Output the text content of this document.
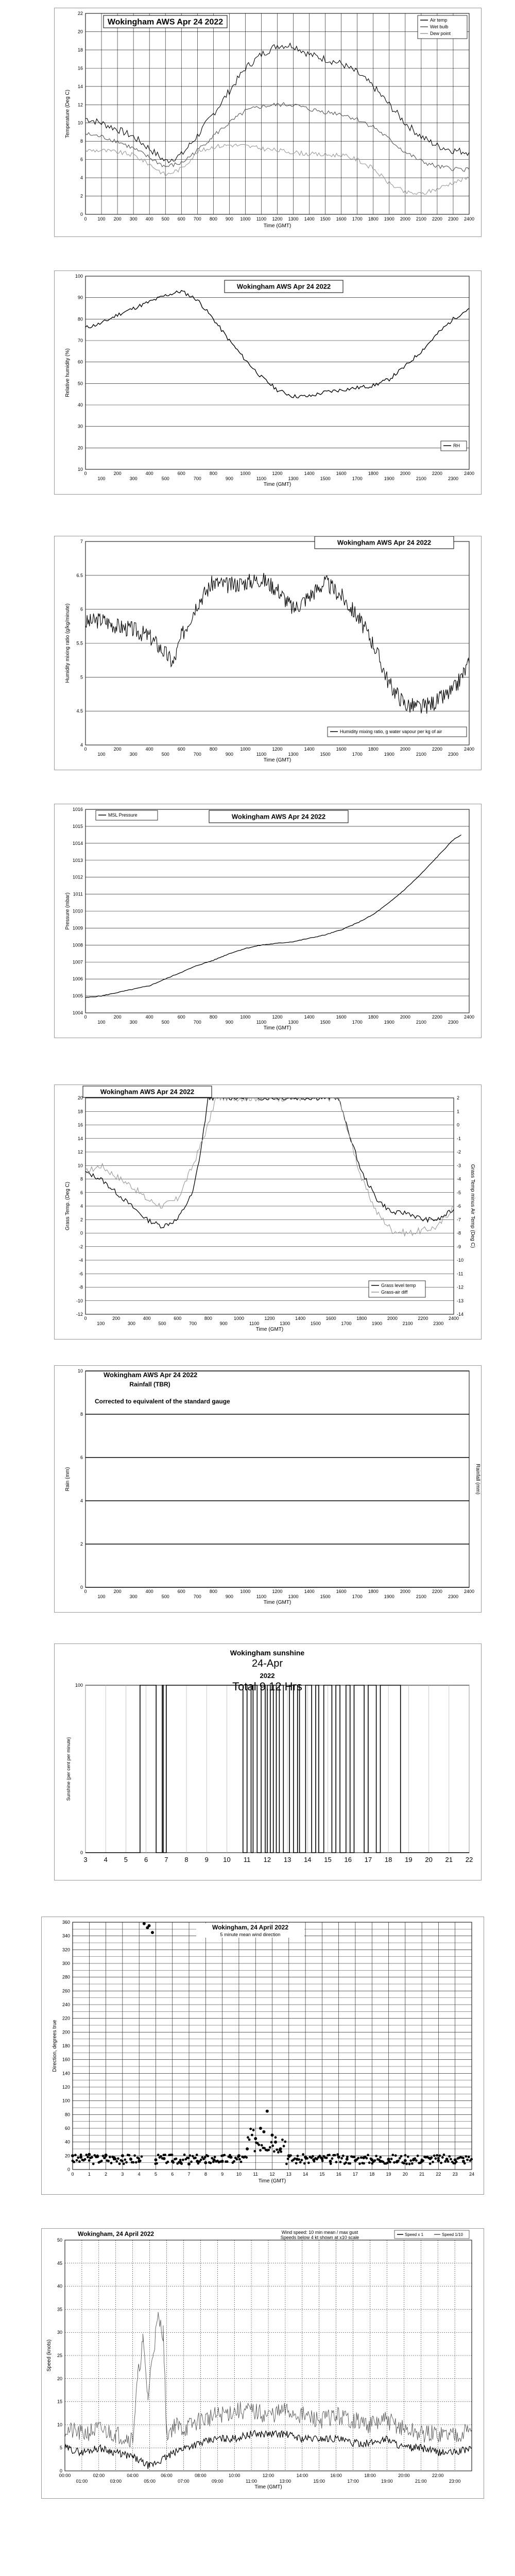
0
2
4
6
8
10
12
14
16
18
20
22
0 100 200 300 400 500 600 700 800 900 1000 1100 1200 1300 1400 1500 1600 1700 1800 1900 2000 2100 2200 2300 2400
Time (GMT)
Temperature (Deg C)
Wokingham AWS Apr 24 2022	Air temp
Wet bulb
Dew point
10
20
30
40
50
60
70
80
90
100
0	200	400	600	800	1000	1200	1400	1600	1800	2000	2200	2400
100	300	500	700	900	1100	1300	1500	1700	1900	2100	2300
Time (GMT)
Relative humidity (%)
Wokingham AWS Apr 24 2022
RH
4
4.5
5
5.5
6
6.5
7
0	200	400	600	800	1000	1200	1400	1600	1800	2000	2200	2400
100	300	500	700	900	1100	1300	1500	1700	1900	2100	2300
Time (GMT)
Humidity mixing ratio (g/kg/minute)
Wokingham AWS Apr 24 2022
Humidity mixing ratio, g water vapour per kg of air
1004
1005
1006
1007
1008
1009
1010
1011
1012
1013
1014
1015
1016
0	200	400	600	800	1000	1200	1400	1600	1800	2000	2200	2400
100	300	500	700	900	1100	1300	1500	1700	1900	2100	2300
Time (GMT)
Pressure (mbar)
MSL Pressure	Wokingham AWS Apr 24 2022
-12
-10
-8
-6
-4
-2
0
2
4
6
8
10
12
14
16
18
20
0	200	400	600	800	1000	1200	1400	1600	1800	2000	2200	2400
100	300	500	700	900	1100	1300	1500	1700	1900	2100	2300
Time (GMT)
Grass Temp. (Deg C)
-14
-13
-12
-11
-10
-9
-8
-7
-6
-5
-4
-3
-2
-1
0
1
2
Grass Temp minus Air Temp (Deg C)
Wokingham AWS Apr 24 2022
Grass level temp
Grass-air diff
0
2
4
6
8
10
0	200	400	600	800	1000	1200	1400	1600	1800	2000	2200	2400
100	300	500	700	900	1100	1300	1500	1700	1900	2100	2300
Time (GMT)
Rain (mm)	Rainfall (mm)
Wokingham AWS Apr 24 2022
Rainfall (TBR)
Corrected to equivalent of the standard gauge
3 4 5 6 7 8 9 10 11 12 13 14 15 16 17 18 19 20 21 22
0
100
Sunshine (per cent per minute)
Wokingham sunshine
24-Apr
2022
Total 9.12 Hrs
0
20
40
60
80
100
120
140
160
180
200
220
240
260
280
300
320
340
360
0	1	2	3	4	5	6	7	8	9	10	11	12 13 14 15 16 17 18 19 20 21 22 23 24
Time (GMT)
Direction, degrees true
Wokingham, 24 April 2022
5 minute mean wind direction
0
5
10
15
20
25
30
35
40
45
50
00:00	02:00	04:00	06:00	08:00	10:00	12:00	14:00	16:00	18:00	20:00	22:00
01:00	03:00	05:00	07:00	09:00	11:00	13:00	15:00	17:00	19:00	21:00	23:00
Time (GMT)
Speed (knots)
Wokingham, 24 April 2022	Wind speed: 10 min mean / max gust
Speeds below 4 kt shown at x10 scale
Speed x 1	Speed 1/10
